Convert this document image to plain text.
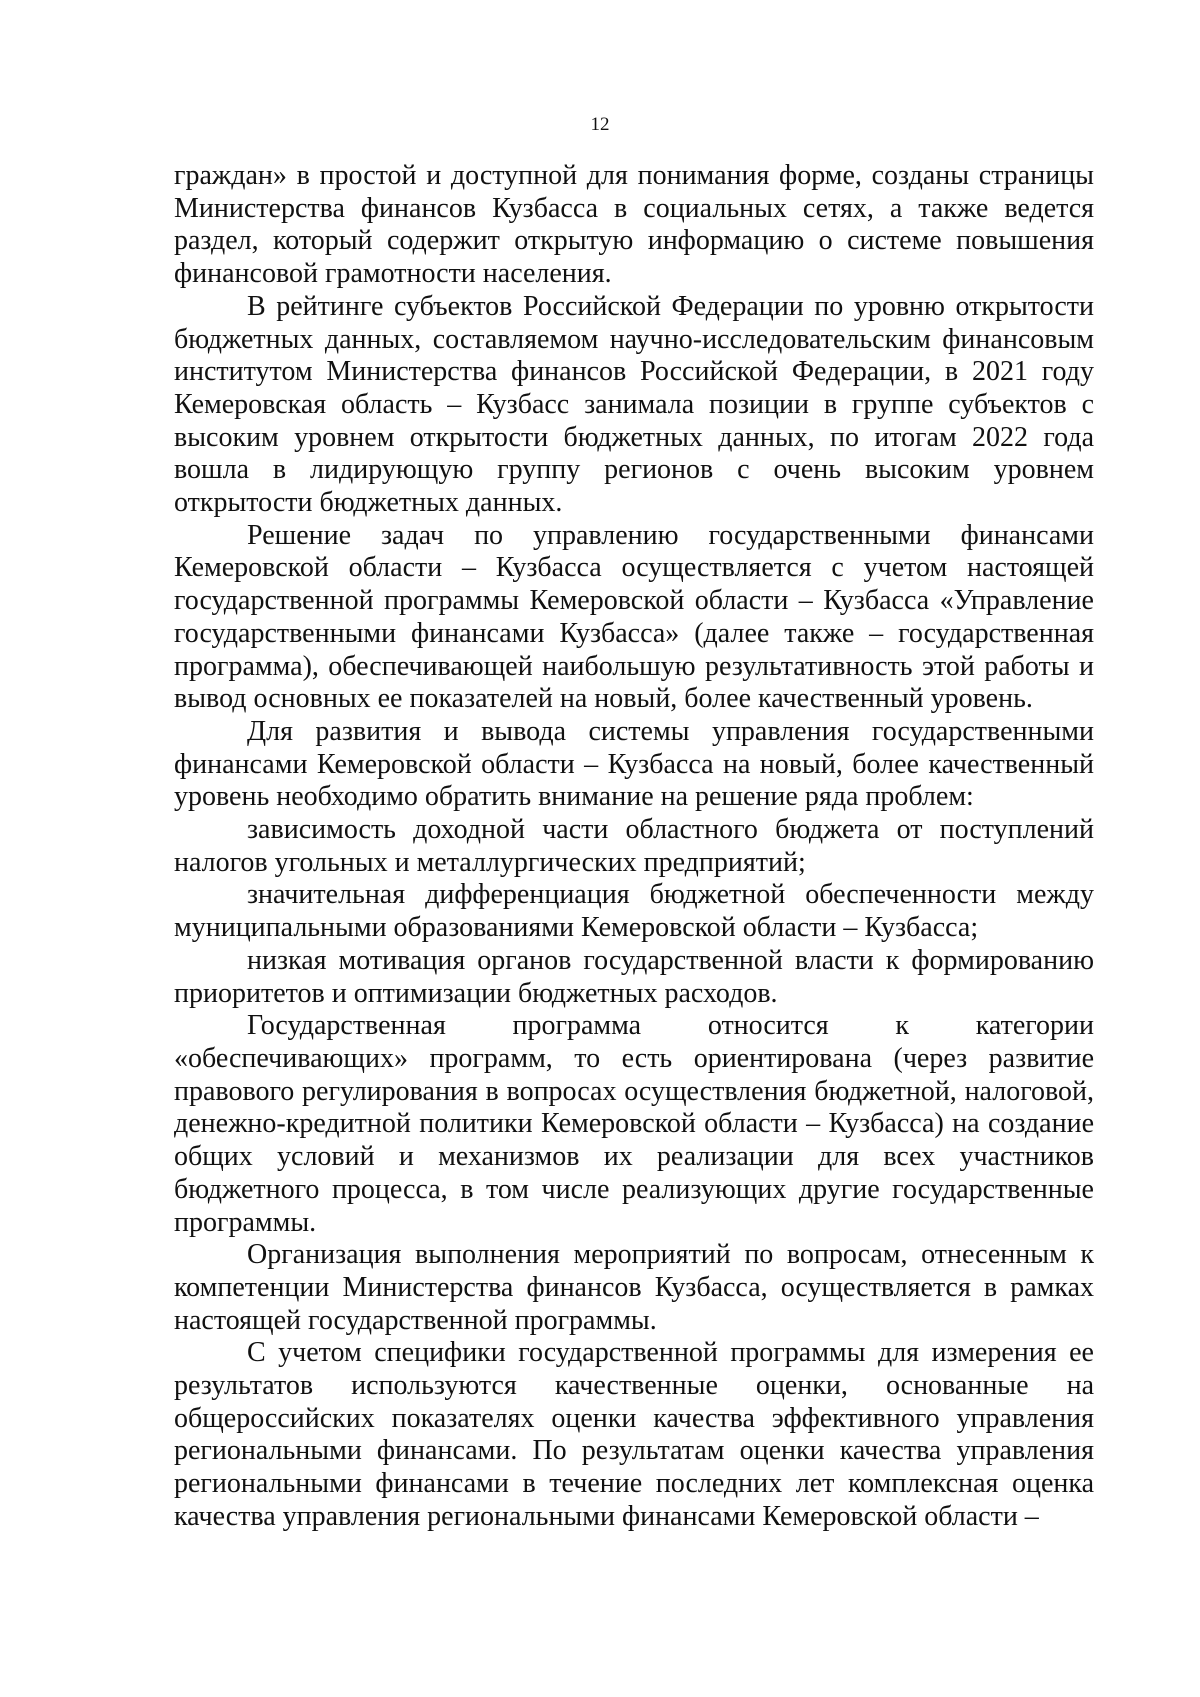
12

граждан» в простой и доступной для понимания форме, созданы страницы Министерства финансов Кузбасса в социальных сетях, а также ведется раздел, который содержит открытую информацию о системе повышения финансовой грамотности населения.

В рейтинге субъектов Российской Федерации по уровню открытости бюджетных данных, составляемом научно-исследовательским финансовым институтом Министерства финансов Российской Федерации, в 2021 году Кемеровская область – Кузбасс занимала позиции в группе субъектов с высоким уровнем открытости бюджетных данных, по итогам 2022 года вошла в лидирующую группу регионов с очень высоким уровнем открытости бюджетных данных.

Решение задач по управлению государственными финансами Кемеровской области – Кузбасса осуществляется с учетом настоящей государственной программы Кемеровской области – Кузбасса «Управление государственными финансами Кузбасса» (далее также – государственная программа), обеспечивающей наибольшую результативность этой работы и вывод основных ее показателей на новый, более качественный уровень.

Для развития и вывода системы управления государственными финансами Кемеровской области – Кузбасса на новый, более качественный уровень необходимо обратить внимание на решение ряда проблем:

зависимость доходной части областного бюджета от поступлений налогов угольных и металлургических предприятий;

значительная дифференциация бюджетной обеспеченности между муниципальными образованиями Кемеровской области – Кузбасса;

низкая мотивация органов государственной власти к формированию приоритетов и оптимизации бюджетных расходов.

Государственная программа относится к категории «обеспечивающих» программ, то есть ориентирована (через развитие правового регулирования в вопросах осуществления бюджетной, налоговой, денежно-кредитной политики Кемеровской области – Кузбасса) на создание общих условий и механизмов их реализации для всех участников бюджетного процесса, в том числе реализующих другие государственные программы.

Организация выполнения мероприятий по вопросам, отнесенным к компетенции Министерства финансов Кузбасса, осуществляется в рамках настоящей государственной программы.

С учетом специфики государственной программы для измерения ее результатов используются качественные оценки, основанные на общероссийских показателях оценки качества эффективного управления региональными финансами. По результатам оценки качества управления региональными финансами в течение последних лет комплексная оценка качества управления региональными финансами Кемеровской области –
